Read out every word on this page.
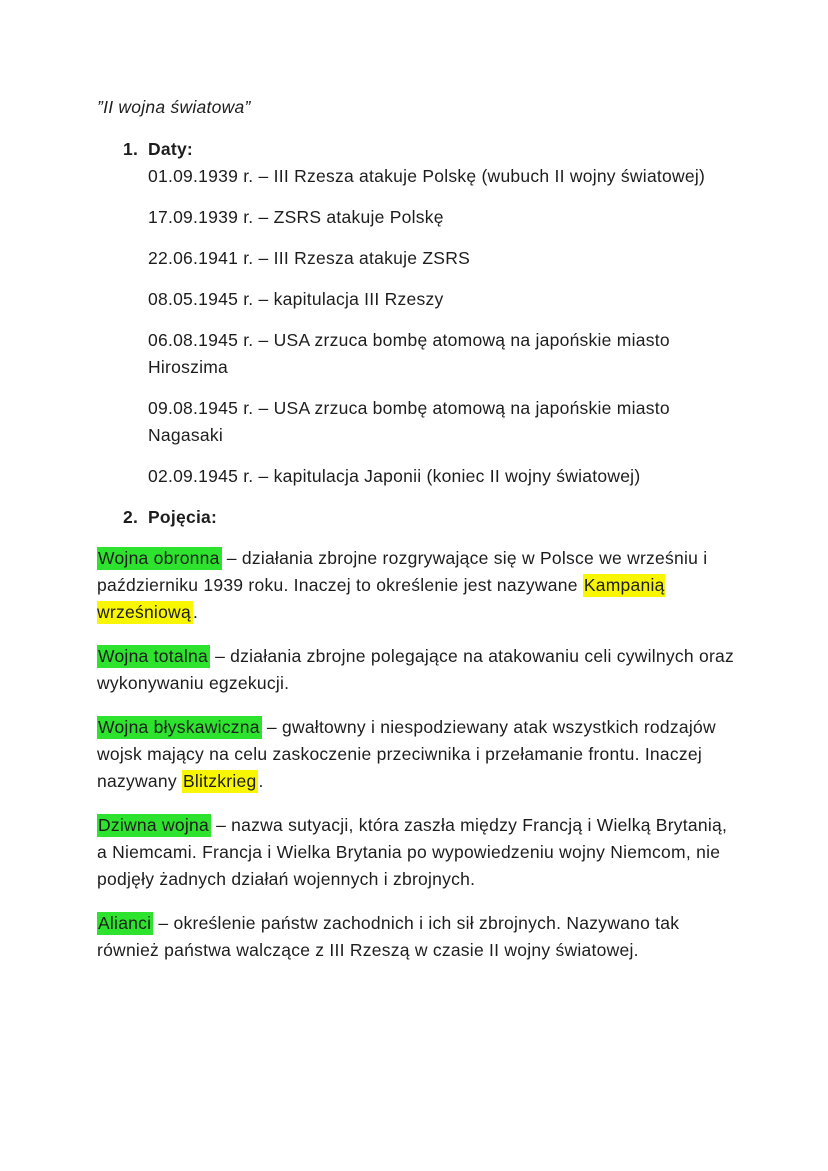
”II wojna światowa”

1. Daty:

01.09.1939 r. – III Rzesza atakuje Polskę (wubuch II wojny światowej)

17.09.1939 r. – ZSRS atakuje Polskę

22.06.1941 r. – III Rzesza atakuje ZSRS

08.05.1945 r. – kapitulacja III Rzeszy

06.08.1945 r. – USA zrzuca bombę atomową na japońskie miasto Hiroszima

09.08.1945 r. – USA zrzuca bombę atomową na japońskie miasto Nagasaki

02.09.1945 r. – kapitulacja Japonii (koniec II wojny światowej)

2. Pojęcia:

Wojna obronna – działania zbrojne rozgrywające się w Polsce we wrześniu i październiku 1939 roku. Inaczej to określenie jest nazywane Kampanią wrześniową .

Wojna totalna – działania zbrojne polegające na atakowaniu celi cywilnych oraz wykonywaniu egzekucji.

Wojna błyskawiczna – gwałtowny i niespodziewany atak wszystkich rodzajów wojsk mający na celu zaskoczenie przeciwnika i przełamanie frontu. Inaczej nazywany Blitzkrieg .

Dziwna wojna – nazwa sutyacji, która zaszła między Francją i Wielką Brytanią, a Niemcami. Francja i Wielka Brytania po wypowiedzeniu wojny Niemcom, nie podjęły żadnych działań wojennych i zbrojnych.

Alianci – określenie państw zachodnich i ich sił zbrojnych. Nazywano tak również państwa walczące z III Rzeszą w czasie II wojny światowej.
